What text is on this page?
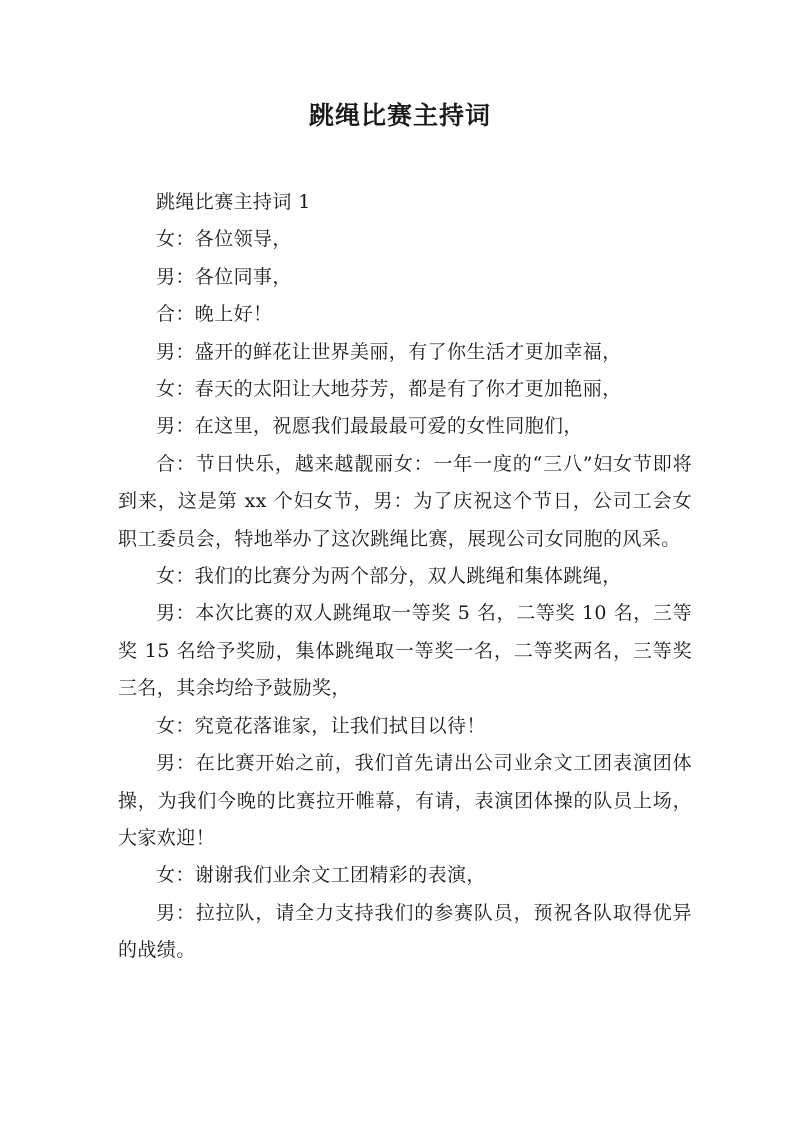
跳绳比赛主持词

跳绳比赛主持词 1

女：各位领导，

男：各位同事，

合：晚上好！

男：盛开的鲜花让世界美丽，有了你生活才更加幸福，

女：春天的太阳让大地芬芳，都是有了你才更加艳丽，

男：在这里，祝愿我们最最最可爱的女性同胞们，

合：节日快乐，越来越靓丽女：一年一度的“三八”妇女节即将到来，这是第 xx 个妇女节，男：为了庆祝这个节日，公司工会女职工委员会，特地举办了这次跳绳比赛，展现公司女同胞的风采。

女：我们的比赛分为两个部分，双人跳绳和集体跳绳，

男：本次比赛的双人跳绳取一等奖 5 名，二等奖 10 名，三等奖 15 名给予奖励，集体跳绳取一等奖一名，二等奖两名，三等奖三名，其余均给予鼓励奖，

女：究竟花落谁家，让我们拭目以待！

男：在比赛开始之前，我们首先请出公司业余文工团表演团体操，为我们今晚的比赛拉开帷幕，有请，表演团体操的队员上场，大家欢迎！

女：谢谢我们业余文工团精彩的表演，

男：拉拉队，请全力支持我们的参赛队员，预祝各队取得优异的战绩。
